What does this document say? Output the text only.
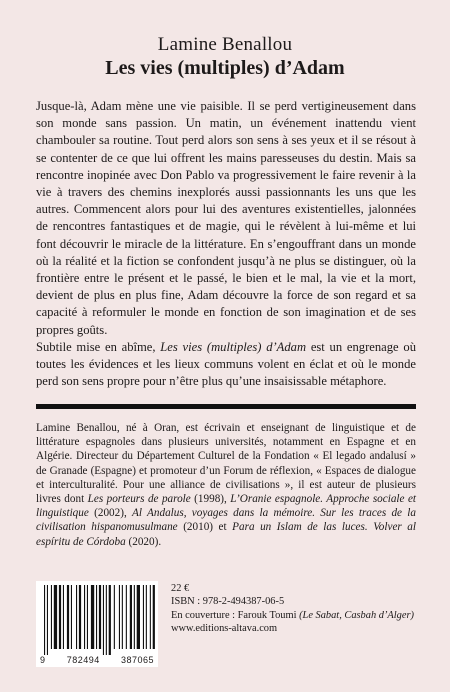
Lamine Benallou
Les vies (multiples) d’Adam

Jusque-là, Adam mène une vie paisible. Il se perd vertigineusement dans son monde sans passion. Un matin, un événement inattendu vient chambouler sa routine. Tout perd alors son sens à ses yeux et il se résout à se contenter de ce que lui offrent les mains paresseuses du destin. Mais sa rencontre inopinée avec Don Pablo va progressivement le faire revenir à la vie à travers des chemins inexplorés aussi passionnants les uns que les autres. Commencent alors pour lui des aventures existentielles, jalonnées de rencontres fantastiques et de magie, qui le révèlent à lui-même et lui font découvrir le miracle de la littérature. En s’engouffrant dans un monde où la réalité et la fiction se confondent jusqu’à ne plus se distinguer, où la frontière entre le présent et le passé, le bien et le mal, la vie et la mort, devient de plus en plus fine, Adam découvre la force de son regard et sa capacité à reformuler le monde en fonction de son imagination et de ses propres goûts.

Subtile mise en abîme, Les vies (multiples) d’Adam est un engrenage où toutes les évidences et les lieux communs volent en éclat et où le monde perd son sens propre pour n’être plus qu’une insaisissable métaphore.

Lamine Benallou, né à Oran, est écrivain et enseignant de linguistique et de littérature espagnoles dans plusieurs universités, notamment en Espagne et en Algérie. Directeur du Département Culturel de la Fondation « El legado andalusí » de Granade (Espagne) et promoteur d’un Forum de réflexion, « Espaces de dialogue et interculturalité. Pour une alliance de civilisations », il est auteur de plusieurs livres dont Les porteurs de parole (1998), L’Oranie espagnole. Approche sociale et linguistique (2002), Al Andalus, voyages dans la mémoire. Sur les traces de la civilisation hispanomusulmane (2010) et Para un Islam de las luces. Volver al espíritu de Córdoba (2020).

9 782494 387065
22 €
ISBN : 978-2-494387-06-5
En couverture : Farouk Toumi (Le Sabat, Casbah d’Alger)
www.editions-altava.com
